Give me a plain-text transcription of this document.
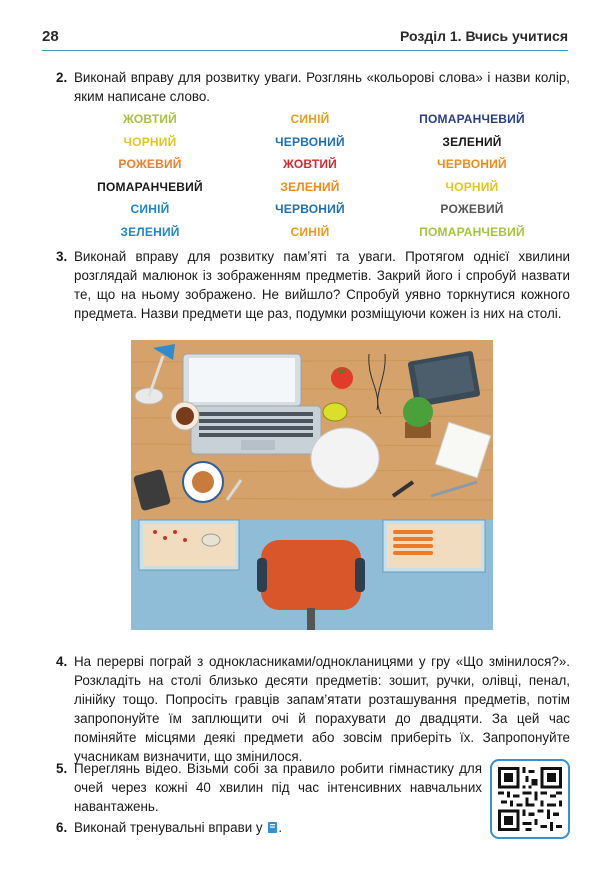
28	Розділ 1. Вчись учитися
2. Виконай вправу для розвитку уваги. Розглянь «кольорові слова» і назви колір, яким написане слово.
ЖОВТИЙ
ЧОРНИЙ
РОЖЕВИЙ
ПОМАРАНЧЕВИЙ
СИНІЙ
ЗЕЛЕНИЙ
СИНІЙ
ЧЕРВОНИЙ
ЖОВТИЙ
ЗЕЛЕНИЙ
ЧЕРВОНИЙ
СИНІЙ
ПОМАРАНЧЕВИЙ
ЗЕЛЕНИЙ
ЧЕРВОНИЙ
ЧОРНИЙ
РОЖЕВИЙ
ПОМАРАНЧЕВИЙ
3. Виконай вправу для розвитку пам’яті та уваги. Протягом однієї хвилини розглядай малюнок із зображенням предметів. Закрий його і спробуй назвати те, що на ньому зображено. Не вийшло? Спробуй уявно торкнутися кожного предмета. Назви предмети ще раз, подумки розміщуючи кожен із них на столі.
4. На перерві пограй з однокласниками/однокланицями у гру «Що змінилося?». Розкладіть на столі близько десяти предметів: зошит, ручки, олівці, пенал, лінійку тощо. Попросіть гравців запам’ятати розташування предметів, потім запропонуйте їм заплющити очі й порахувати до двадцяти. За цей час поміняйте місцями деякі предмети або зовсім приберіть їх. Запропонуйте учасникам визначити, що змінилося.
5. Переглянь відео. Візьми собі за правило робити гімнастику для очей через кожні 40 хвилин під час інтенсивних навчальних навантажень.
6. Виконай тренувальні вправи у .
